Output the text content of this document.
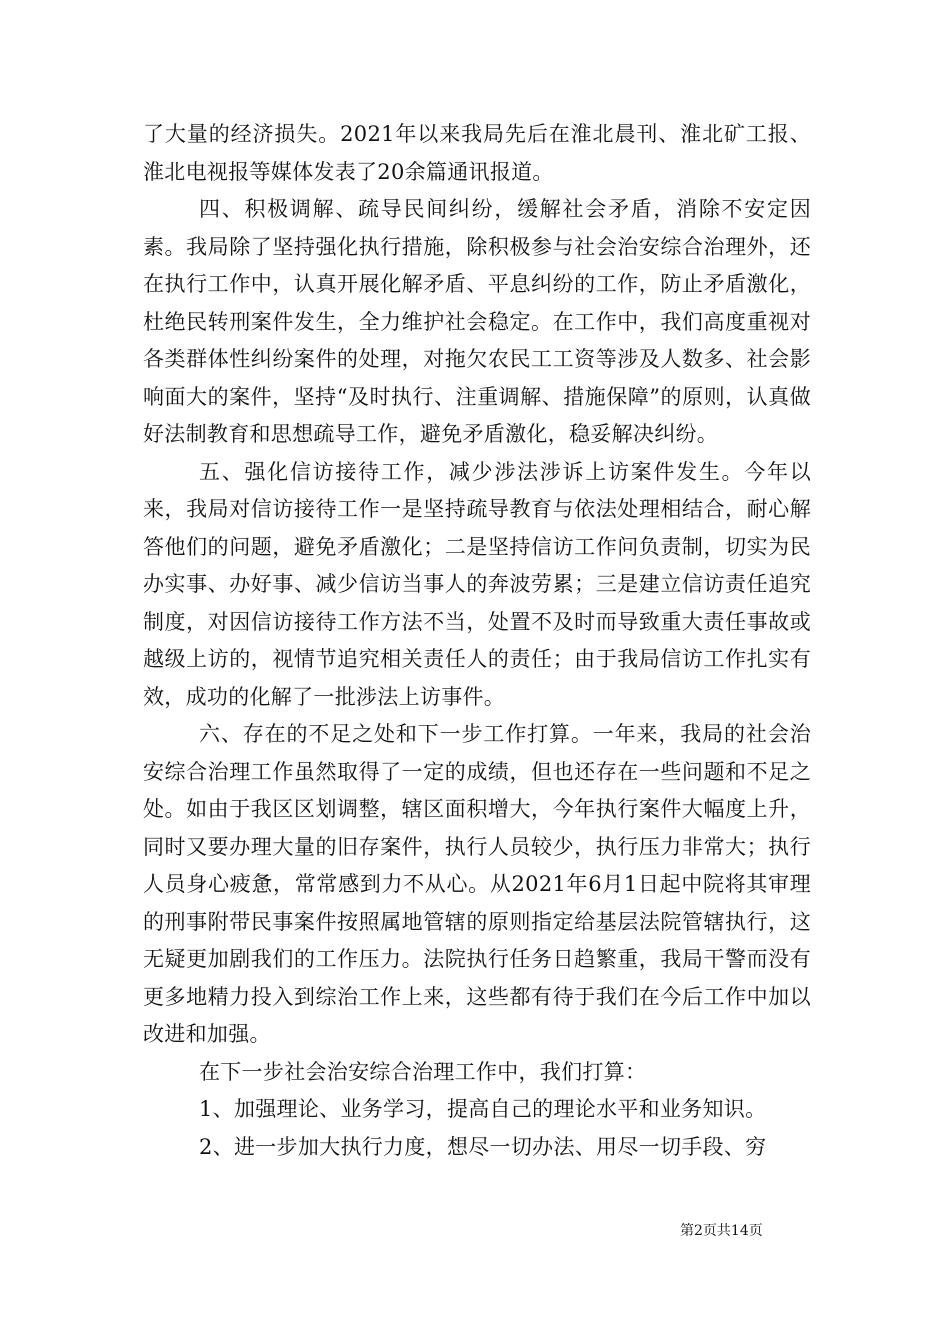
了大量的经济损失。2021年以来我局先后在淮北晨刊、淮北矿工报、淮北电视报等媒体发表了20余篇通讯报道。

四、积极调解、疏导民间纠纷，缓解社会矛盾，消除不安定因素。我局除了坚持强化执行措施，除积极参与社会治安综合治理外，还在执行工作中，认真开展化解矛盾、平息纠纷的工作，防止矛盾激化，杜绝民转刑案件发生，全力维护社会稳定。在工作中，我们高度重视对各类群体性纠纷案件的处理，对拖欠农民工工资等涉及人数多、社会影响面大的案件，坚持“及时执行、注重调解、措施保障”的原则，认真做好法制教育和思想疏导工作，避免矛盾激化，稳妥解决纠纷。

五、强化信访接待工作，减少涉法涉诉上访案件发生。今年以来，我局对信访接待工作一是坚持疏导教育与依法处理相结合，耐心解答他们的问题，避免矛盾激化；二是坚持信访工作问负责制，切实为民办实事、办好事、减少信访当事人的奔波劳累；三是建立信访责任追究制度，对因信访接待工作方法不当，处置不及时而导致重大责任事故或越级上访的，视情节追究相关责任人的责任；由于我局信访工作扎实有效，成功的化解了一批涉法上访事件。

六、存在的不足之处和下一步工作打算。一年来，我局的社会治安综合治理工作虽然取得了一定的成绩，但也还存在一些问题和不足之处。如由于我区区划调整，辖区面积增大，今年执行案件大幅度上升，同时又要办理大量的旧存案件，执行人员较少，执行压力非常大；执行人员身心疲惫，常常感到力不从心。从2021年6月1日起中院将其审理的刑事附带民事案件按照属地管辖的原则指定给基层法院管辖执行，这无疑更加剧我们的工作压力。法院执行任务日趋繁重，我局干警而没有更多地精力投入到综治工作上来，这些都有待于我们在今后工作中加以改进和加强。

在下一步社会治安综合治理工作中，我们打算：

1、加强理论、业务学习，提高自己的理论水平和业务知识。

2、进一步加大执行力度，想尽一切办法、用尽一切手段、穷

第2页共14页
